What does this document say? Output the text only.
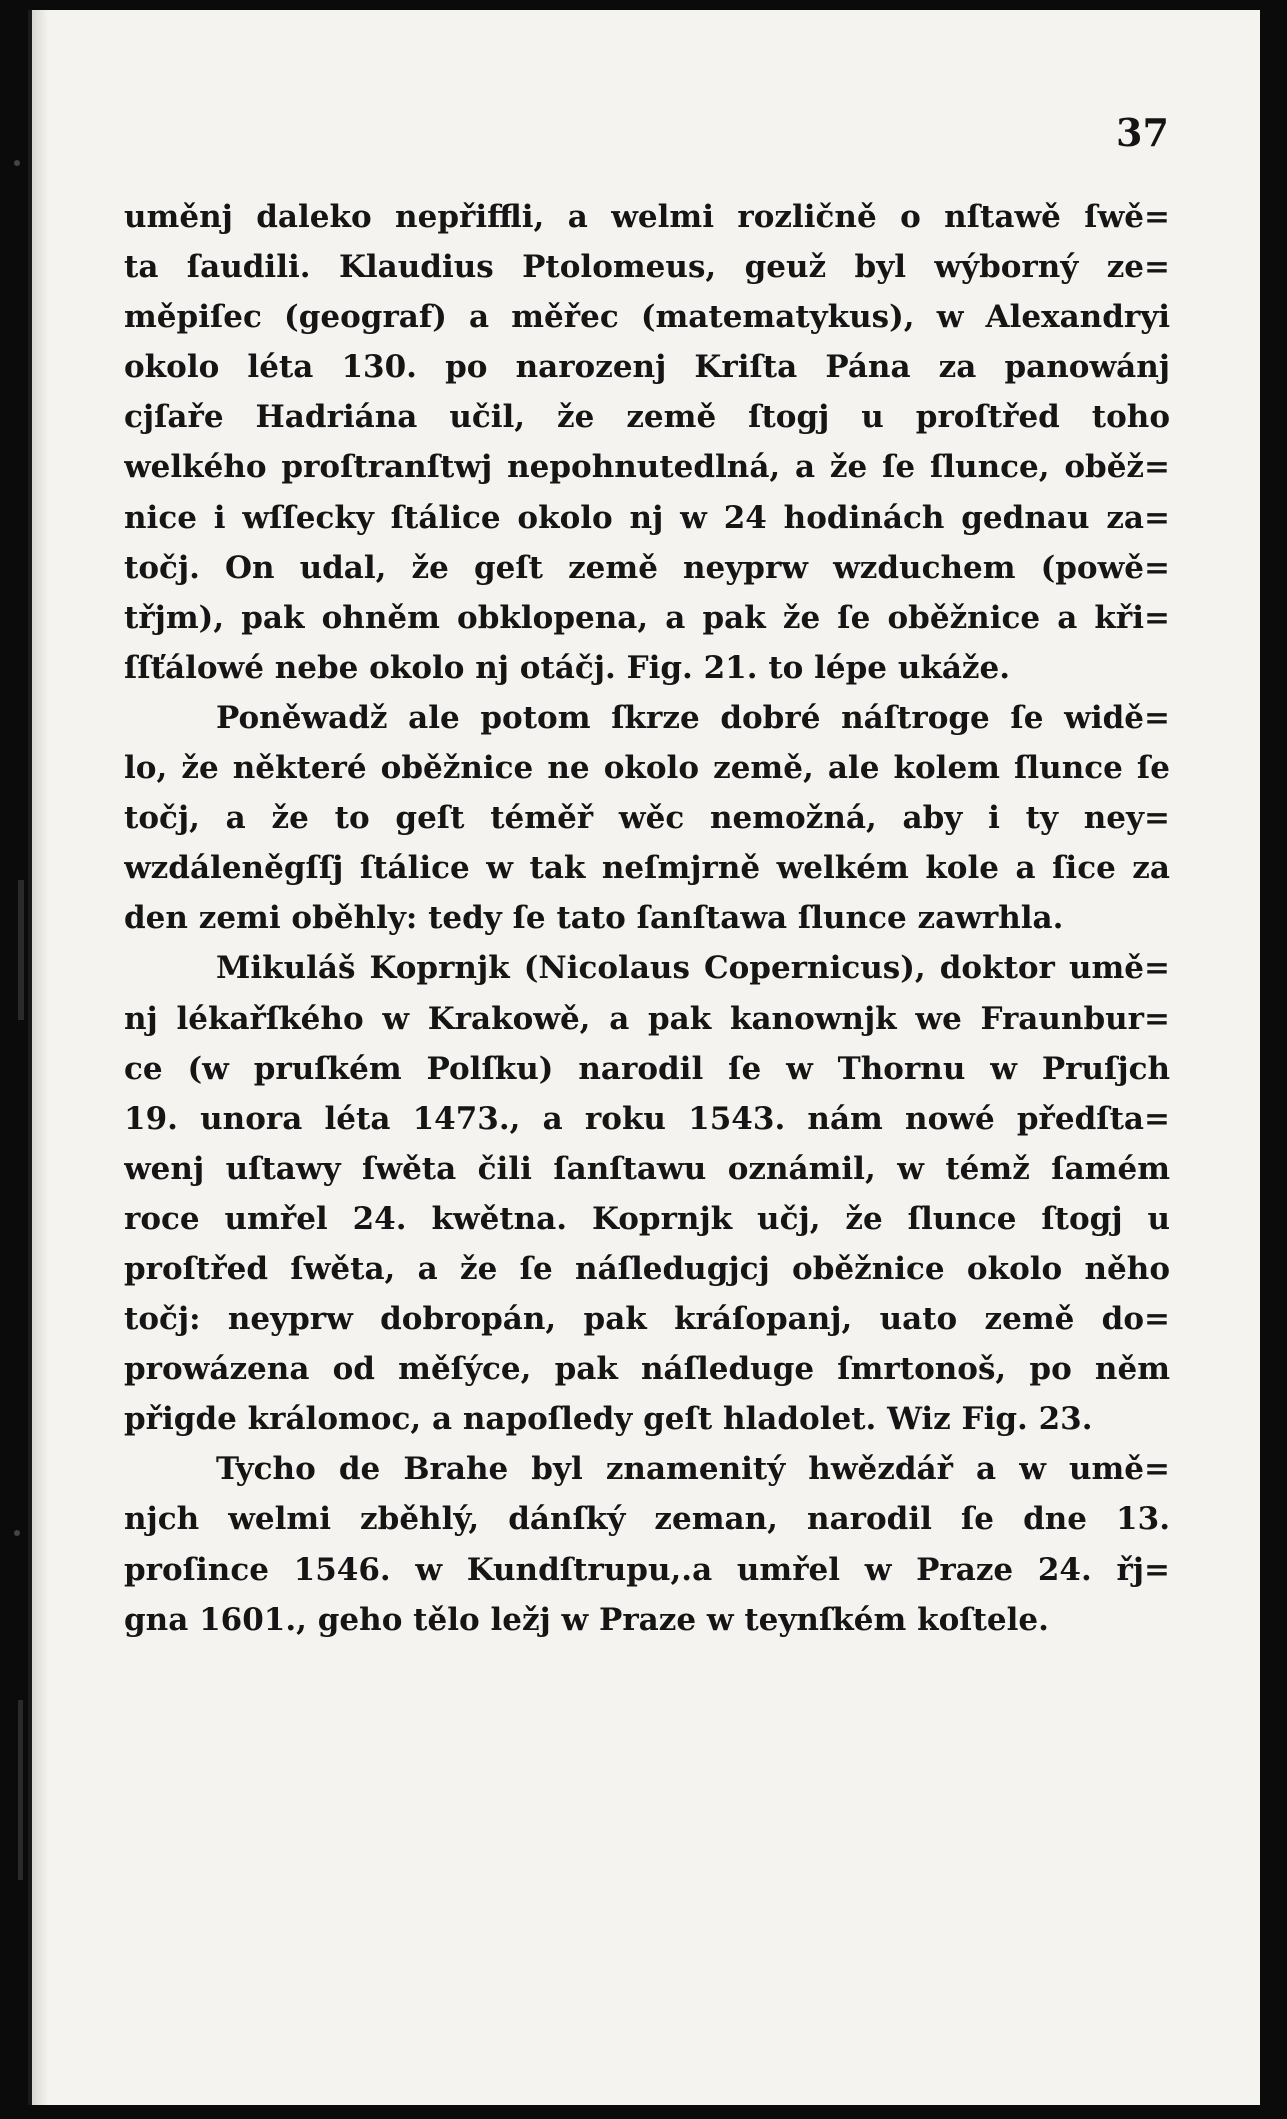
37
uměnj daleko nepřiffli, a welmi rozličně o nſtawě ſwě=
ta ſaudili. Klaudius Ptolomeus, geuž byl wýborný ze=
měpiſec (geograf) a měřec (matematykus), w Alexandryi
okolo léta 130. po narozenj Kriſta Pána za panowánj
cjſaře Hadriána učil, že země ſtogj u proſtřed toho
welkého proſtranſtwj nepohnutedlná, a že ſe ſlunce, oběž=
nice i wſſecky ſtálice okolo nj w 24 hodinách gednau za=
točj. On udal, že geſt země neyprw wzduchem (powě=
třjm), pak ohněm obklopena, a pak že ſe oběžnice a kři=
ſſťálowé nebe okolo nj otáčj. Fig. 21. to lépe ukáže.
Poněwadž ale potom ſkrze dobré náſtroge ſe widě=
lo, že některé oběžnice ne okolo země, ale kolem ſlunce ſe
točj, a že to geſt téměř wěc nemožná, aby i ty ney=
wzdáleněgſſj ſtálice w tak neſmjrně welkém kole a ſice za
den zemi oběhly: tedy ſe tato ſanſtawa ſlunce zawrhla.
Mikuláš Koprnjk (Nicolaus Copernicus), doktor umě=
nj lékařſkého w Krakowě, a pak kanownjk we Fraunbur=
ce (w pruſkém Polſku) narodil ſe w Thornu w Pruſjch
19. unora léta 1473., a roku 1543. nám nowé předſta=
wenj uſtawy ſwěta čili ſanſtawu oznámil, w témž ſamém
roce umřel 24. kwětna. Koprnjk učj, že ſlunce ſtogj u
proſtřed ſwěta, a že ſe náſledugjcj oběžnice okolo něho
točj: neyprw dobropán, pak kráſopanj, uato země do=
prowázena od měſýce, pak náſledugе ſmrtonoš, po něm
přigde králomoc, a napoſledy geſt hladolet. Wiz Fig. 23.
Tycho de Brahe byl znamenitý hwězdář a w umě=
njch welmi zběhlý, dánſký zeman, narodil ſe dne 13.
proſince 1546. w Kundſtrupu,.a umřel w Praze 24. řj=
gna 1601., geho tělo ležj w Praze w teynſkém koſtele.
